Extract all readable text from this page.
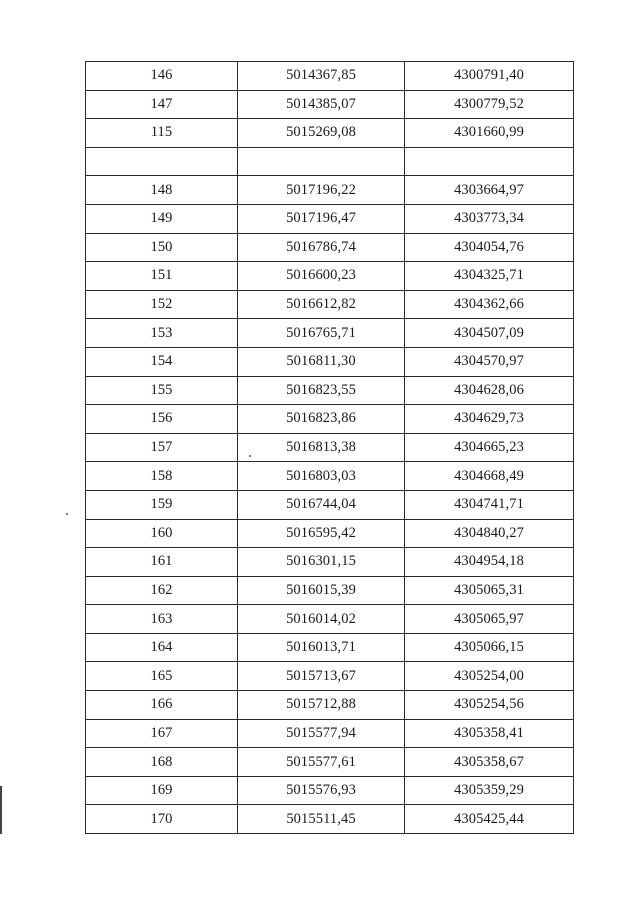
146	5014367,85	4300791,40
147	5014385,07	4300779,52
115	5015269,08	4301660,99

148	5017196,22	4303664,97
149	5017196,47	4303773,34
150	5016786,74	4304054,76
151	5016600,23	4304325,71
152	5016612,82	4304362,66
153	5016765,71	4304507,09
154	5016811,30	4304570,97
155	5016823,55	4304628,06
156	5016823,86	4304629,73
157	5016813,38	4304665,23
158	5016803,03	4304668,49
159	5016744,04	4304741,71
160	5016595,42	4304840,27
161	5016301,15	4304954,18
162	5016015,39	4305065,31
163	5016014,02	4305065,97
164	5016013,71	4305066,15
165	5015713,67	4305254,00
166	5015712,88	4305254,56
167	5015577,94	4305358,41
168	5015577,61	4305358,67
169	5015576,93	4305359,29
170	5015511,45	4305425,44
